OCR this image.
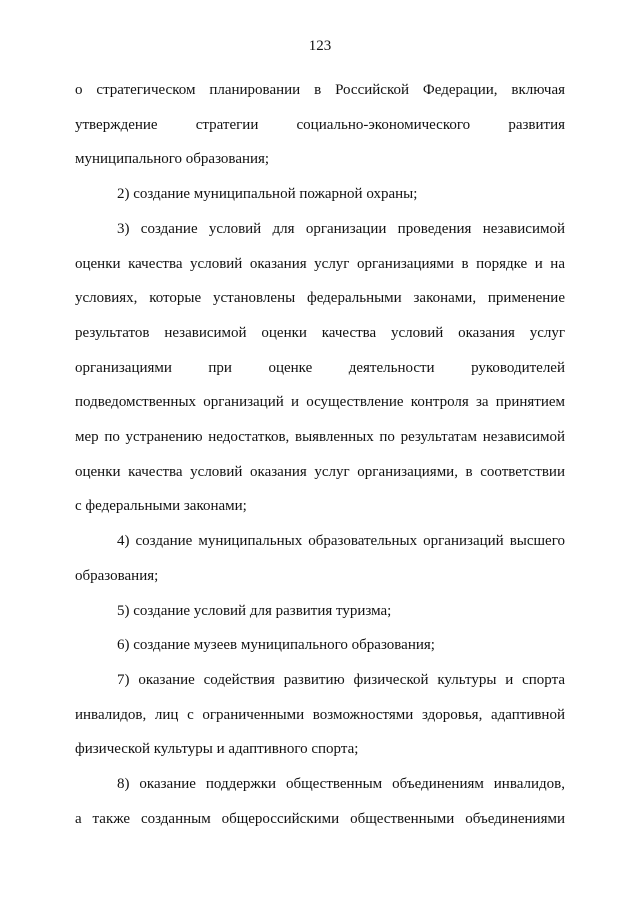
123
о стратегическом планировании в Российской Федерации, включая
утверждение стратегии социально-экономического развития
муниципального образования;
2) создание муниципальной пожарной охраны;
3) создание условий для организации проведения независимой
оценки качества условий оказания услуг организациями в порядке и на
условиях, которые установлены федеральными законами, применение
результатов независимой оценки качества условий оказания услуг
организациями при оценке деятельности руководителей
подведомственных организаций и осуществление контроля за принятием
мер по устранению недостатков, выявленных по результатам независимой
оценки качества условий оказания услуг организациями, в соответствии
с федеральными законами;
4) создание муниципальных образовательных организаций высшего
образования;
5) создание условий для развития туризма;
6) создание музеев муниципального образования;
7) оказание содействия развитию физической культуры и спорта
инвалидов, лиц с ограниченными возможностями здоровья, адаптивной
физической культуры и адаптивного спорта;
8) оказание поддержки общественным объединениям инвалидов,
а также созданным общероссийскими общественными объединениями
